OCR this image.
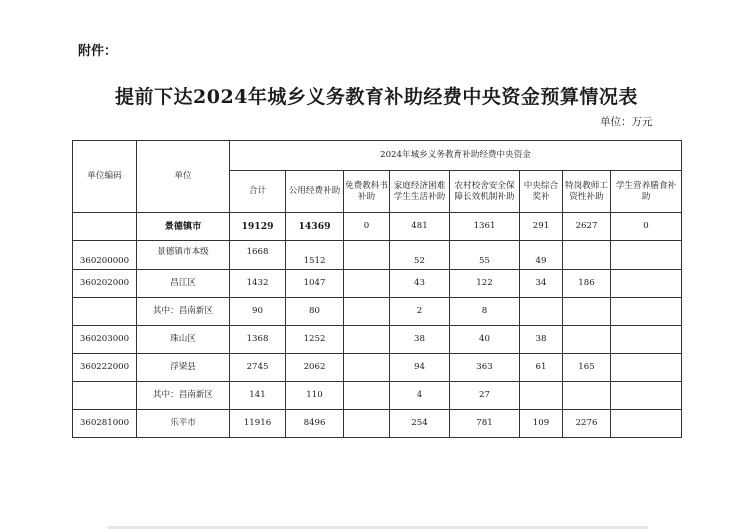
附件：
提前下达2024年城乡义务教育补助经费中央资金预算情况表
单位：万元
单位编码	单位	2024年城乡义务教育补助经费中央资金							
		合计	公用经费补助	免费教科书补助	家庭经济困难学生生活补助	农村校舍安全保障长效机制补助	中央综合奖补	特岗教师工资性补助	学生营养膳食补助
	景德镇市	19129	14369	0	481	1361	291	2627	0
360200000	景德镇市本级	1668	1512		52	55	49		
360202000	昌江区	1432	1047		43	122	34	186	
	其中：昌南新区	90	80		2	8			
360203000	珠山区	1368	1252		38	40	38		
360222000	浮梁县	2745	2062		94	363	61	165	
	其中：昌南新区	141	110		4	27			
360281000	乐平市	11916	8496		254	781	109	2276	
